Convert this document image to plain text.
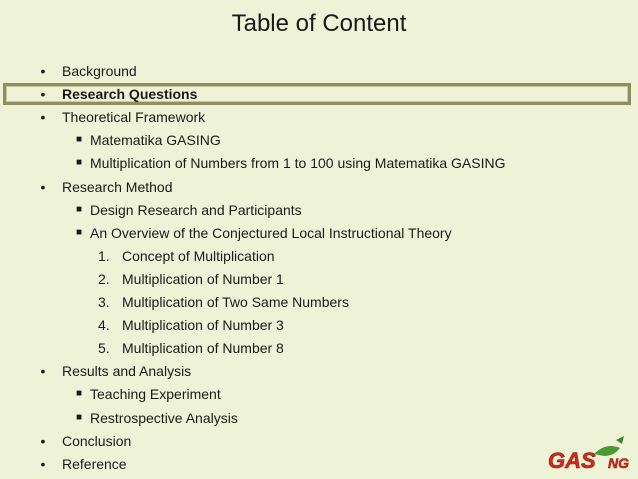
Table of Content
•	Background
•	Research Questions
•	Theoretical Framework
■ Matematika GASING
■ Multiplication of Numbers from 1 to 100 using Matematika GASING
•	Research Method
■ Design Research and Participants
■ An Overview of the Conjectured Local Instructional Theory
1. Concept of Multiplication
2. Multiplication of Number 1
3. Multiplication of Two Same Numbers
4. Multiplication of Number 3
5. Multiplication of Number 8
•	Results and Analysis
■ Teaching Experiment
■ Restrospective Analysis
•	Conclusion
•	Reference	GAS NG
